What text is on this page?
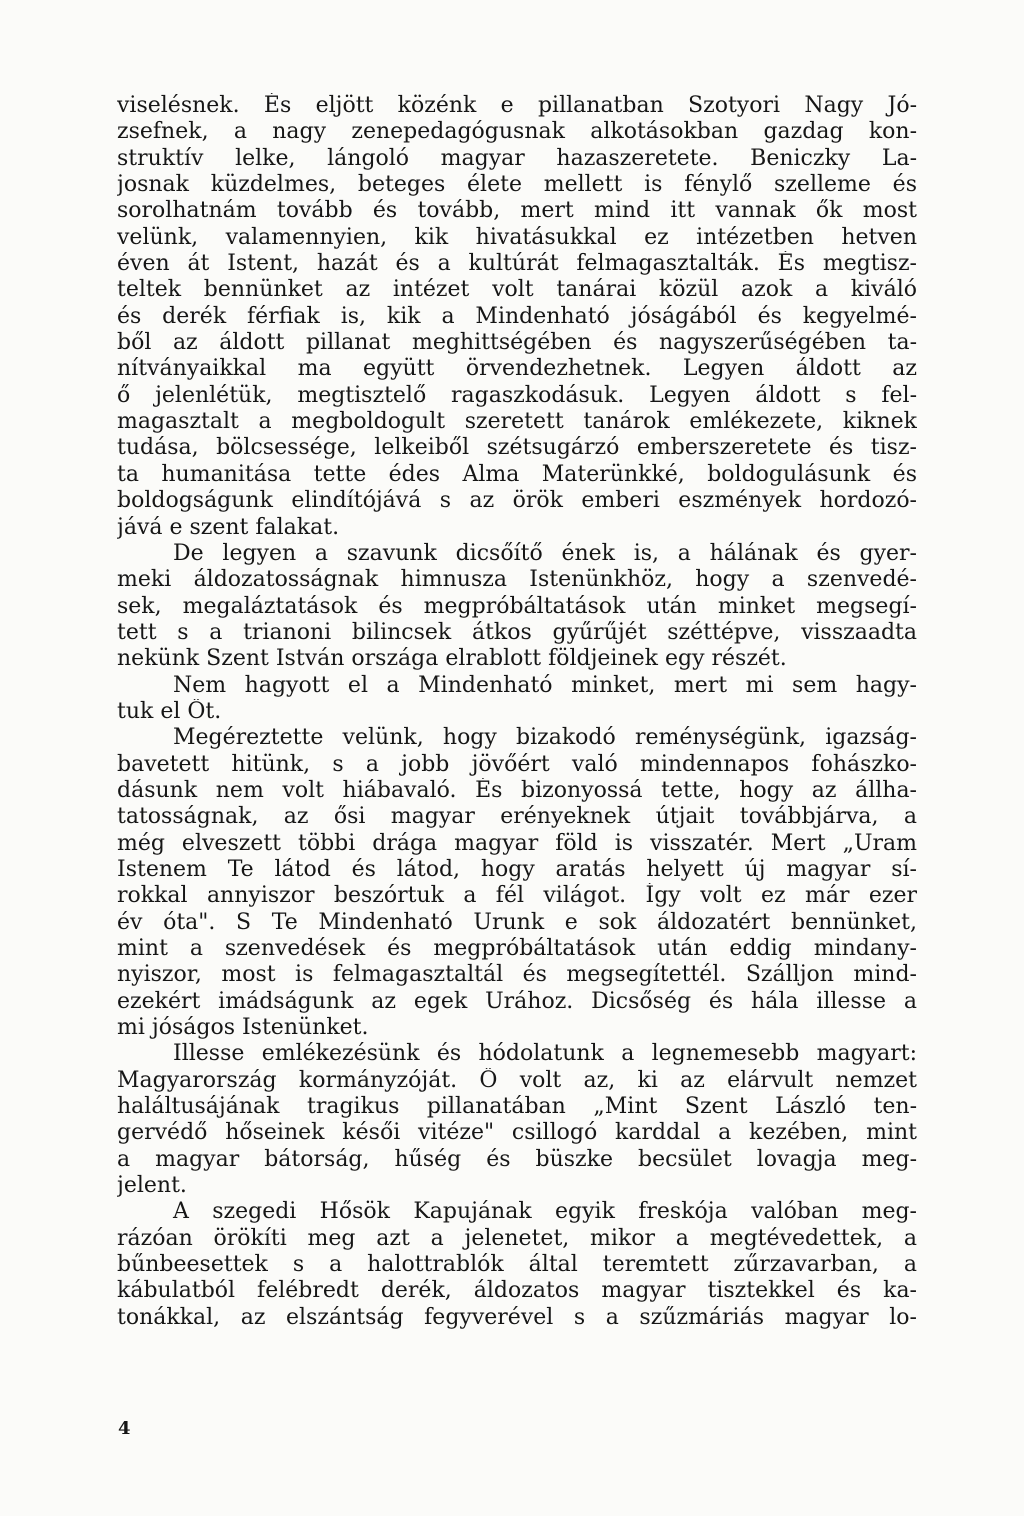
viselésnek. És eljött közénk e pillanatban Szotyori Nagy Jó-
zsefnek, a nagy zenepedagógusnak alkotásokban gazdag kon-
struktív lelke, lángoló magyar hazaszeretete. Beniczky La-
josnak küzdelmes, beteges élete mellett is fénylő szelleme és
sorolhatnám tovább és tovább, mert mind itt vannak ők most
velünk, valamennyien, kik hivatásukkal ez intézetben hetven
éven át Istent, hazát és a kultúrát felmagasztalták. És megtisz-
teltek bennünket az intézet volt tanárai közül azok a kiváló
és derék férfiak is, kik a Mindenható jóságából és kegyelmé-
ből az áldott pillanat meghittségében és nagyszerűségében ta-
nítványaikkal ma együtt örvendezhetnek. Legyen áldott az
ő jelenlétük, megtisztelő ragaszkodásuk. Legyen áldott s fel-
magasztalt a megboldogult szeretett tanárok emlékezete, kiknek
tudása, bölcsessége, lelkeiből szétsugárzó emberszeretete és tisz-
ta humanitása tette édes Alma Materünkké, boldogulásunk és
boldogságunk elindítójává s az örök emberi eszmények hordozó-
jává e szent falakat.
De legyen a szavunk dicsőítő ének is, a hálának és gyer-
meki áldozatosságnak himnusza Istenünkhöz, hogy a szenvedé-
sek, megaláztatások és megpróbáltatások után minket megsegí-
tett s a trianoni bilincsek átkos gyűrűjét széttépve, visszaadta
nekünk Szent István országa elrablott földjeinek egy részét.
Nem hagyott el a Mindenható minket, mert mi sem hagy-
tuk el Őt.
Megéreztette velünk, hogy bizakodó reménységünk, igazság-
bavetett hitünk, s a jobb jövőért való mindennapos fohászko-
dásunk nem volt hiábavaló. És bizonyossá tette, hogy az állha-
tatosságnak, az ősi magyar erényeknek útjait továbbjárva, a
még elveszett többi drága magyar föld is visszatér. Mert „Uram
Istenem Te látod és látod, hogy aratás helyett új magyar sí-
rokkal annyiszor beszórtuk a fél világot. Így volt ez már ezer
év óta". S Te Mindenható Urunk e sok áldozatért bennünket,
mint a szenvedések és megpróbáltatások után eddig mindany-
nyiszor, most is felmagasztaltál és megsegítettél. Szálljon mind-
ezekért imádságunk az egek Urához. Dicsőség és hála illesse a
mi jóságos Istenünket.
Illesse emlékezésünk és hódolatunk a legnemesebb magyart:
Magyarország kormányzóját. Ő volt az, ki az elárvult nemzet
haláltusájának tragikus pillanatában „Mint Szent László ten-
gervédő hőseinek késői vitéze" csillogó karddal a kezében, mint
a magyar bátorság, hűség és büszke becsület lovagja meg-
jelent.
A szegedi Hősök Kapujának egyik freskója valóban meg-
rázóan örökíti meg azt a jelenetet, mikor a megtévedettek, a
bűnbeesettek s a halottrablók által teremtett zűrzavarban, a
kábulatból felébredt derék, áldozatos magyar tisztekkel és ka-
tonákkal, az elszántság fegyverével s a szűzmáriás magyar lo-
4
